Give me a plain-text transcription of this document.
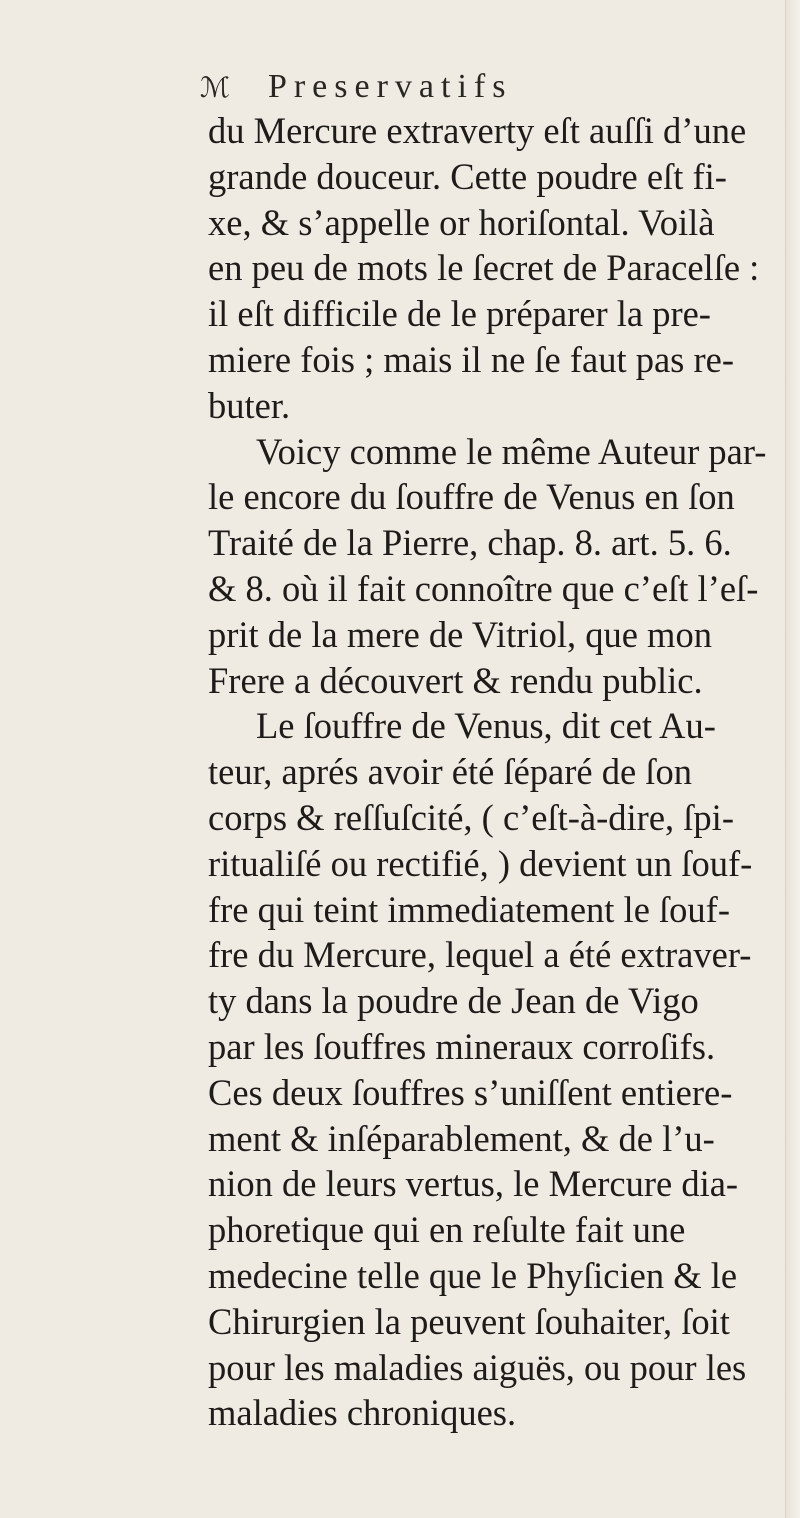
ℳ Preservatifs
du Mercure extraverty eſt auſſi d’une
grande douceur. Cette poudre eſt fi-
xe, & s’appelle or horiſontal. Voilà
en peu de mots le ſecret de Paracelſe :
il eſt difficile de le préparer la pre-
miere fois ; mais il ne ſe faut pas re-
buter.
Voicy comme le même Auteur par-
le encore du ſouffre de Venus en ſon
Traité de la Pierre, chap. 8. art. 5. 6.
& 8. où il fait connoître que c’eſt l’eſ-
prit de la mere de Vitriol, que mon
Frere a découvert & rendu public.
Le ſouffre de Venus, dit cet Au-
teur, aprés avoir été ſéparé de ſon
corps & reſſuſcité, ( c’eſt-à-dire, ſpi-
ritualiſé ou rectifié, ) devient un ſouf-
fre qui teint immediatement le ſouf-
fre du Mercure, lequel a été extraver-
ty dans la poudre de Jean de Vigo
par les ſouffres mineraux corroſifs.
Ces deux ſouffres s’uniſſent entiere-
ment & inſéparablement, & de l’u-
nion de leurs vertus, le Mercure dia-
phoretique qui en reſulte fait une
medecine telle que le Phyſicien & le
Chirurgien la peuvent ſouhaiter, ſoit
pour les maladies aiguës, ou pour les
maladies chroniques.
